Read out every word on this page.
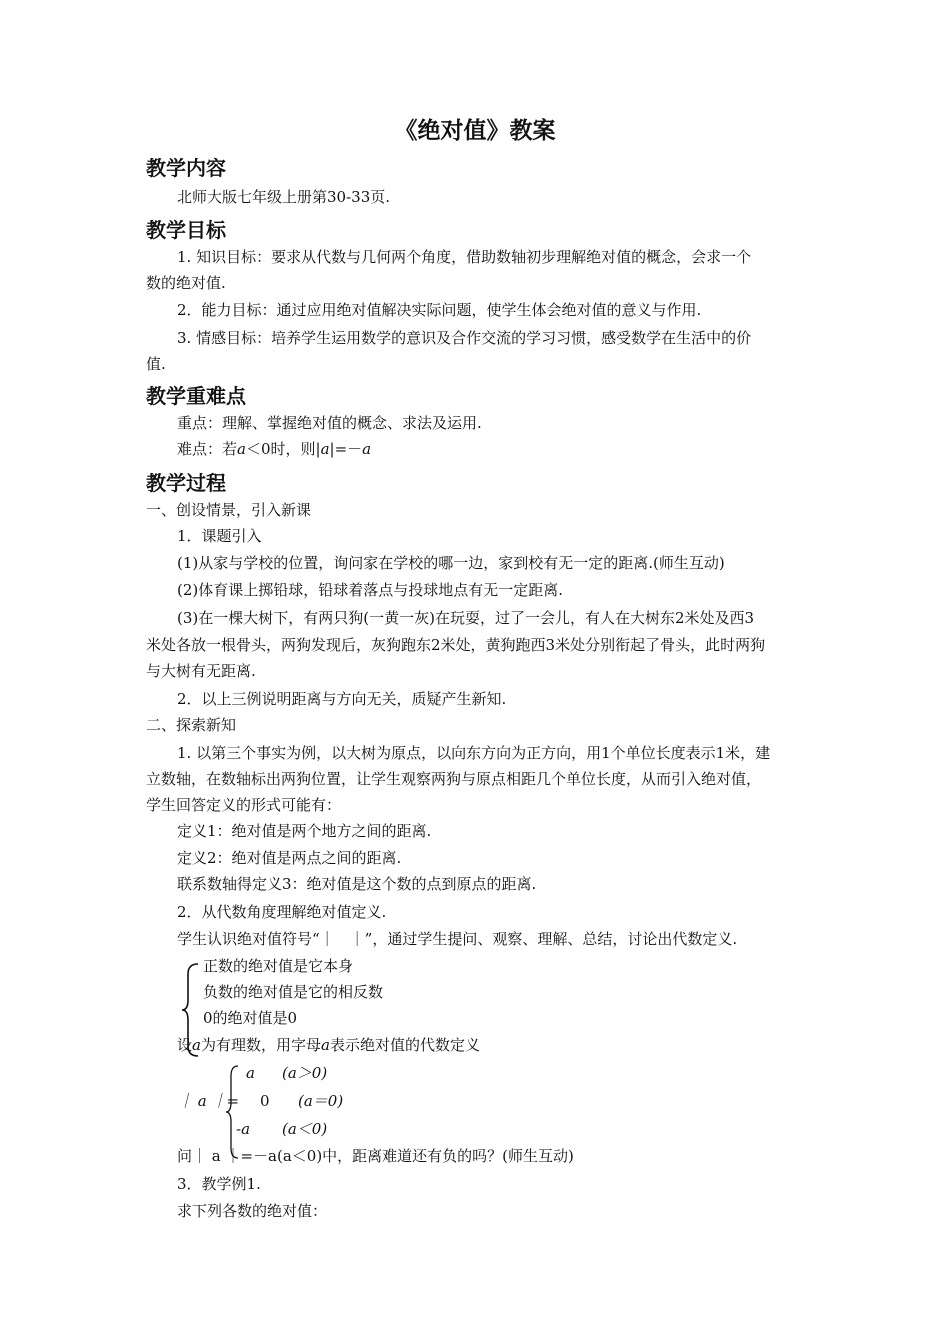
《绝对值》教案
教学内容

北师大版七年级上册第30-33页.

教学目标

1. 知识目标：要求从代数与几何两个角度，借助数轴初步理解绝对值的概念，会求一个

数的绝对值.

2．能力目标：通过应用绝对值解决实际问题，使学生体会绝对值的意义与作用.

3. 情感目标：培养学生运用数学的意识及合作交流的学习习惯，感受数学在生活中的价

值.

教学重难点

重点：理解、掌握绝对值的概念、求法及运用.

难点：若a＜0时，则|a|=－a

教学过程

一、创设情景，引入新课

1．课题引入

(1)从家与学校的位置，询问家在学校的哪一边，家到校有无一定的距离.(师生互动)

(2)体育课上掷铅球，铅球着落点与投球地点有无一定距离.

(3)在一棵大树下，有两只狗(一黄一灰)在玩耍，过了一会儿，有人在大树东2米处及西3

米处各放一根骨头，两狗发现后，灰狗跑东2米处，黄狗跑西3米处分别衔起了骨头，此时两狗

与大树有无距离.

2．以上三例说明距离与方向无关，质疑产生新知.

二、探索新知

1. 以第三个事实为例，以大树为原点，以向东方向为正方向，用1个单位长度表示1米，建

立数轴，在数轴标出两狗位置，让学生观察两狗与原点相距几个单位长度，从而引入绝对值，

学生回答定义的形式可能有：

定义1：绝对值是两个地方之间的距离.

定义2：绝对值是两点之间的距离.

联系数轴得定义3：绝对值是这个数的点到原点的距离.

2．从代数角度理解绝对值定义.

学生认识绝对值符号“｜　｜”，通过学生提问、观察、理解、总结，讨论出代数定义.

正数的绝对值是它本身

负数的绝对值是它的相反数

0的绝对值是0

设a为有理数，用字母a表示绝对值的代数定义

｜ a ｜=
a (a＞0)
0 (a＝0)
-a (a＜0)

问｜ a ｜=－a(a＜0)中，距离难道还有负的吗？(师生互动)

3．教学例1.

求下列各数的绝对值：
